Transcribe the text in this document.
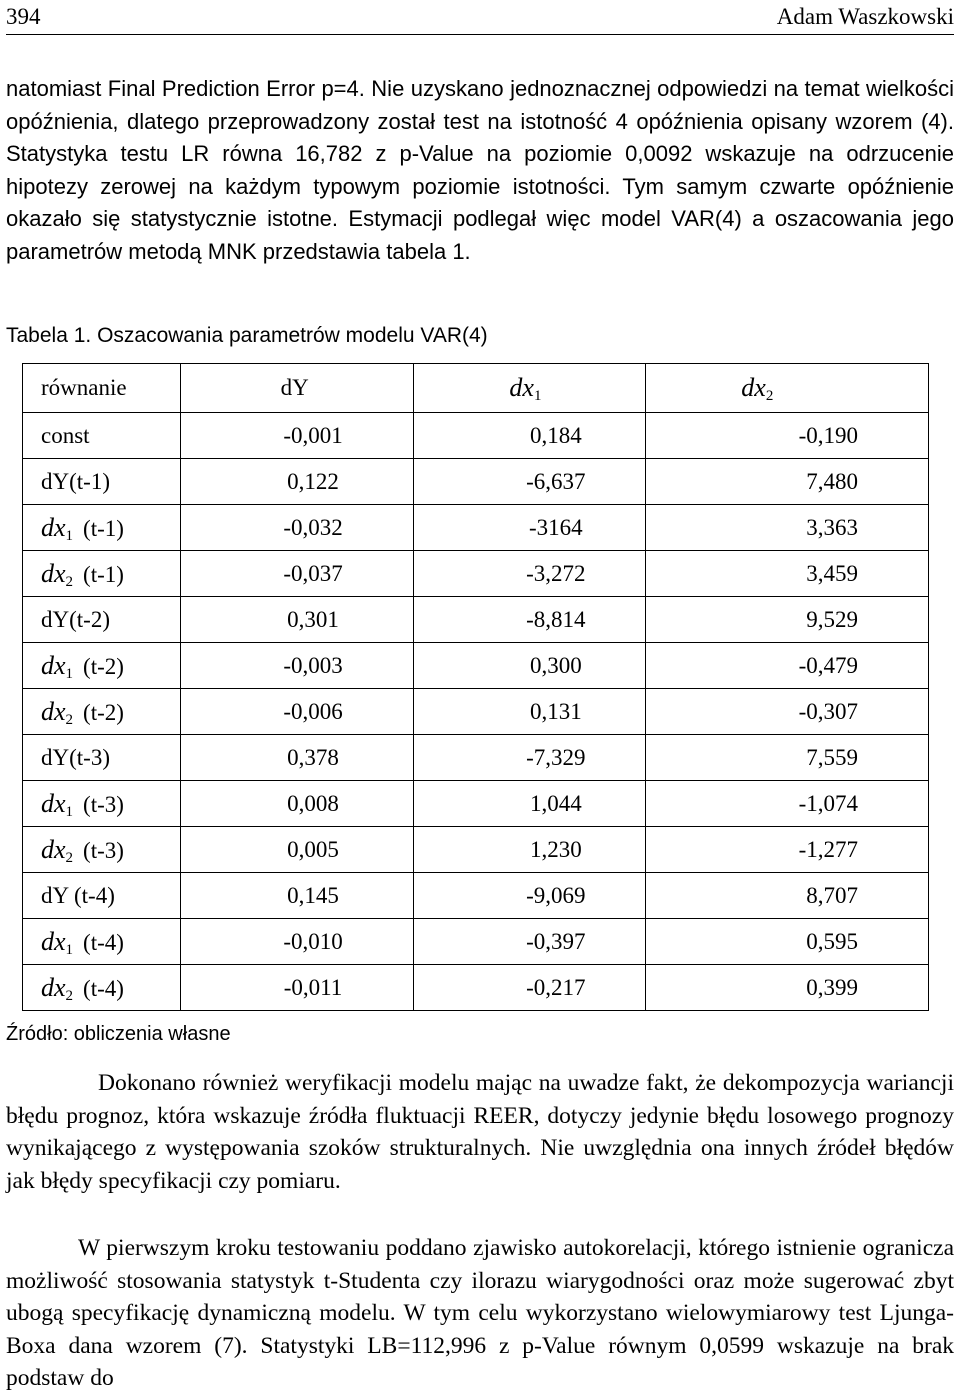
394	Adam Waszkowski

natomiast Final Prediction Error p=4. Nie uzyskano jednoznacznej odpowiedzi na temat wielkości opóźnienia, dlatego przeprowadzony został test na istotność 4 opóźnienia opisany wzorem (4). Statystyka testu LR równa 16,782 z p-Value na poziomie 0,0092 wskazuje na odrzucenie hipotezy zerowej na każdym typowym poziomie istotności. Tym samym czwarte opóźnienie okazało się statystycznie istotne. Estymacji podlegał więc model VAR(4) a oszacowania jego parametrów metodą MNK przedstawia tabela 1.

Tabela 1. Oszacowania parametrów modelu VAR(4)

równanie	dY	dx1	dx2
const	-0,001	0,184	-0,190
dY(t-1)	0,122	-6,637	7,480
dx1 (t-1)	-0,032	-3164	3,363
dx2 (t-1)	-0,037	-3,272	3,459
dY(t-2)	0,301	-8,814	9,529
dx1 (t-2)	-0,003	0,300	-0,479
dx2 (t-2)	-0,006	0,131	-0,307
dY(t-3)	0,378	-7,329	7,559
dx1 (t-3)	0,008	1,044	-1,074
dx2 (t-3)	0,005	1,230	-1,277
dY (t-4)	0,145	-9,069	8,707
dx1 (t-4)	-0,010	-0,397	0,595
dx2 (t-4)	-0,011	-0,217	0,399

Źródło: obliczenia własne

Dokonano również weryfikacji modelu mając na uwadze fakt, że dekompozycja wariancji błędu prognoz, która wskazuje źródła fluktuacji REER, dotyczy jedynie błędu losowego prognozy wynikającego z występowania szoków strukturalnych. Nie uwzględnia ona innych źródeł błędów jak błędy specyfikacji czy pomiaru.

W pierwszym kroku testowaniu poddano zjawisko autokorelacji, którego istnienie ogranicza możliwość stosowania statystyk t-Studenta czy ilorazu wiarygodności oraz może sugerować zbyt ubogą specyfikację dynamiczną modelu. W tym celu wykorzystano wielowymiarowy test Ljunga-Boxa dana wzorem (7). Statystyki LB=112,996 z p-Value równym 0,0599 wskazuje na brak podstaw do
